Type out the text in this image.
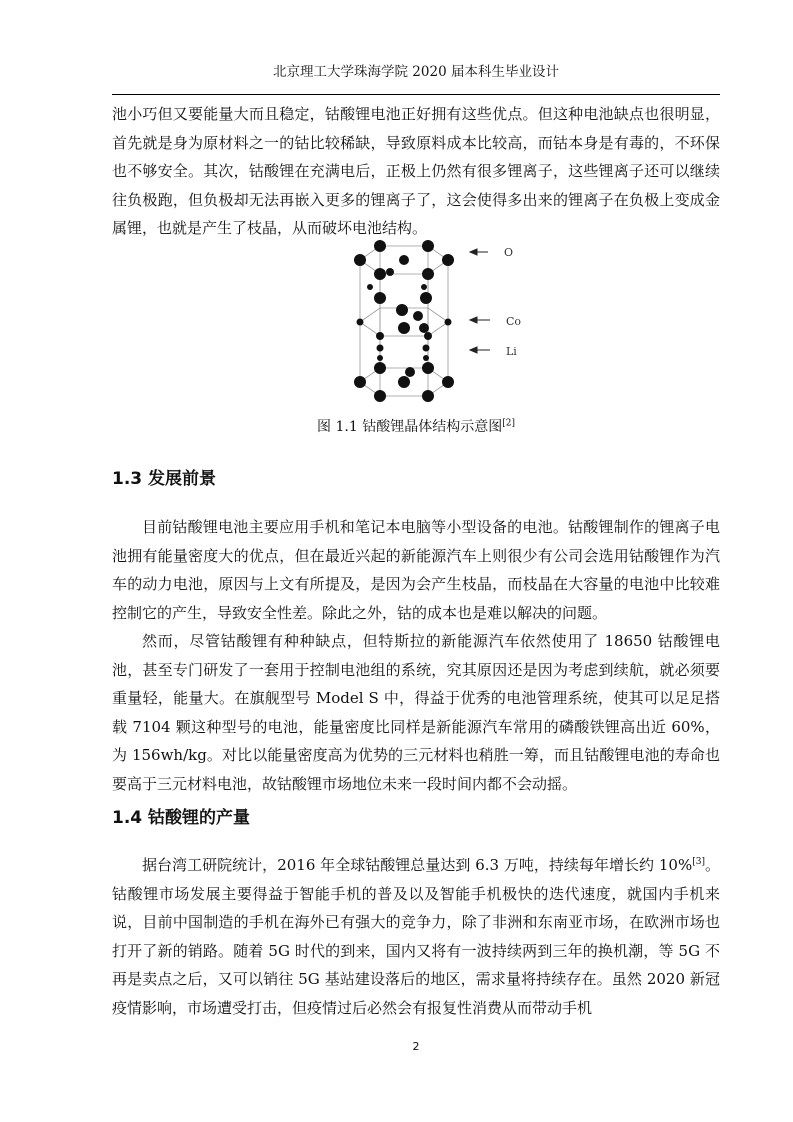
北京理工大学珠海学院 2020 届本科生毕业设计

池小巧但又要能量大而且稳定，钴酸锂电池正好拥有这些优点。但这种电池缺点也很明显，首先就是身为原材料之一的钴比较稀缺，导致原料成本比较高，而钴本身是有毒的，不环保也不够安全。其次，钴酸锂在充满电后，正极上仍然有很多锂离子，这些锂离子还可以继续往负极跑，但负极却无法再嵌入更多的锂离子了，这会使得多出来的锂离子在负极上变成金属锂，也就是产生了枝晶，从而破坏电池结构。

O
Co
Li
图 1.1 钴酸锂晶体结构示意图[2]
1.3 发展前景

目前钴酸锂电池主要应用手机和笔记本电脑等小型设备的电池。钴酸锂制作的锂离子电池拥有能量密度大的优点，但在最近兴起的新能源汽车上则很少有公司会选用钴酸锂作为汽车的动力电池，原因与上文有所提及，是因为会产生枝晶，而枝晶在大容量的电池中比较难控制它的产生，导致安全性差。除此之外，钴的成本也是难以解决的问题。

然而，尽管钴酸锂有种种缺点，但特斯拉的新能源汽车依然使用了 18650 钴酸锂电池，甚至专门研发了一套用于控制电池组的系统，究其原因还是因为考虑到续航，就必须要重量轻，能量大。在旗舰型号 Model S 中，得益于优秀的电池管理系统，使其可以足足搭载 7104 颗这种型号的电池，能量密度比同样是新能源汽车常用的磷酸铁锂高出近 60%，为 156wh/kg。对比以能量密度高为优势的三元材料也稍胜一筹，而且钴酸锂电池的寿命也要高于三元材料电池，故钴酸锂市场地位未来一段时间内都不会动摇。

1.4 钴酸锂的产量

据台湾工研院统计，2016 年全球钴酸锂总量达到 6.3 万吨，持续每年增长约 10%[3]。钴酸锂市场发展主要得益于智能手机的普及以及智能手机极快的迭代速度，就国内手机来说，目前中国制造的手机在海外已有强大的竞争力，除了非洲和东南亚市场，在欧洲市场也打开了新的销路。随着 5G 时代的到来，国内又将有一波持续两到三年的换机潮，等 5G 不再是卖点之后，又可以销往 5G 基站建设落后的地区，需求量将持续存在。虽然 2020 新冠疫情影响，市场遭受打击，但疫情过后必然会有报复性消费从而带动手机

2
